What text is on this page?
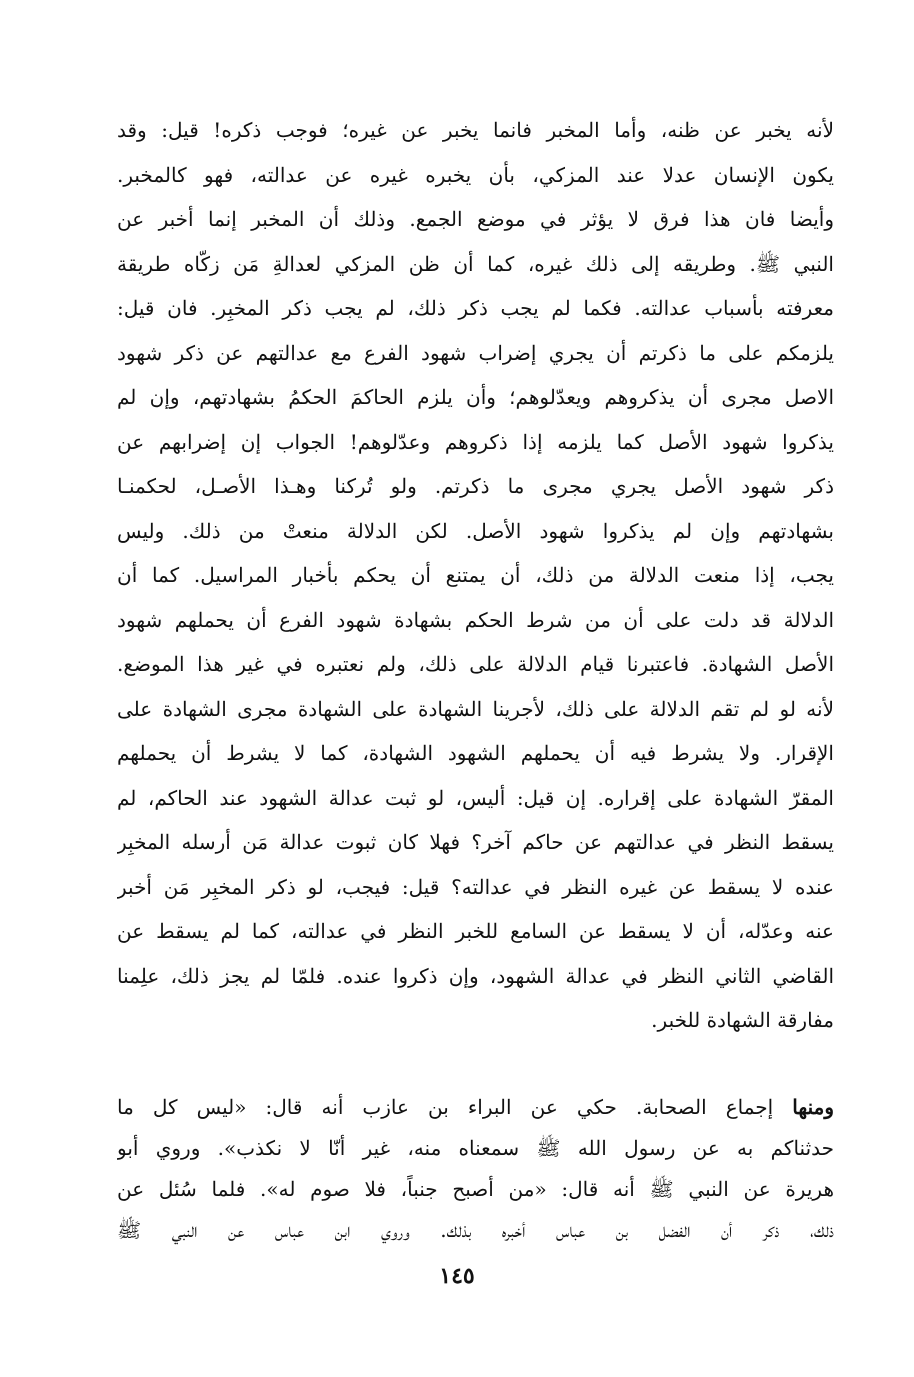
لأنه يخبر عن ظنه، وأما المخبر فانما يخبر عن غيره؛ فوجب ذكره! قيل: وقد
يكون الإنسان عدلا عند المزكي، بأن يخبره غيره عن عدالته، فهو كالمخبر.
وأيضا فان هذا فرق لا يؤثر في موضع الجمع. وذلك أن المخبر إنما أخبر عن
النبي ﷺ. وطريقه إلى ذلك غيره، كما أن ظن المزكي لعدالةِ مَن زكّاه طريقة
معرفته بأسباب عدالته. فكما لم يجب ذكر ذلك، لم يجب ذكر المخبِر. فان قيل:
يلزمكم على ما ذكرتم أن يجري إضراب شهود الفرع مع عدالتهم عن ذكر شهود
الاصل مجرى أن يذكروهم ويعدّلوهم؛ وأن يلزم الحاكمَ الحكمُ بشهادتهم، وإن لم
يذكروا شهود الأصل كما يلزمه إذا ذكروهم وعدّلوهم! الجواب إن إضرابهم عن
ذكر شهود الأصل يجري مجرى ما ذكرتم. ولو تُركنا وهـذا الأصـل، لحكمنـا
بشهادتهم وإن لم يذكروا شهود الأصل. لكن الدلالة منعتْ من ذلك. وليس
يجب، إذا منعت الدلالة من ذلك، أن يمتنع أن يحكم بأخبار المراسيل. كما أن
الدلالة قد دلت على أن من شرط الحكم بشهادة شهود الفرع أن يحملهم شهود
الأصل الشهادة. فاعتبرنا قيام الدلالة على ذلك، ولم نعتبره في غير هذا الموضع.
لأنه لو لم تقم الدلالة على ذلك، لأجرينا الشهادة على الشهادة مجرى الشهادة على
الإقرار. ولا يشرط فيه أن يحملهم الشهود الشهادة، كما لا يشرط أن يحملهم
المقرّ الشهادة على إقراره. إن قيل: أليس، لو ثبت عدالة الشهود عند الحاكم، لم
يسقط النظر في عدالتهم عن حاكم آخر؟ فهلا كان ثبوت عدالة مَن أرسله المخبِر
عنده لا يسقط عن غيره النظر في عدالته؟ قيل: فيجب، لو ذكر المخبِر مَن أخبر
عنه وعدّله، أن لا يسقط عن السامع للخبر النظر في عدالته، كما لم يسقط عن
القاضي الثاني النظر في عدالة الشهود، وإن ذكروا عنده. فلمّا لم يجز ذلك، علِمنا
مفارقة الشهادة للخبر.
ومنها إجماع الصحابة. حكي عن البراء بن عازب أنه قال: «ليس كل ما
حدثناكم به عن رسول الله ﷺ سمعناه منه، غير أنّا لا نكذب». وروي أبو
هريرة عن النبي ﷺ أنه قال: «من أصبح جنباً، فلا صوم له». فلما سُئل عن
ذلك، ذكر أن الفضل بن عباس أخبره بذلك. وروي ابن عباس عن النبي ﷺ
١٤٥
